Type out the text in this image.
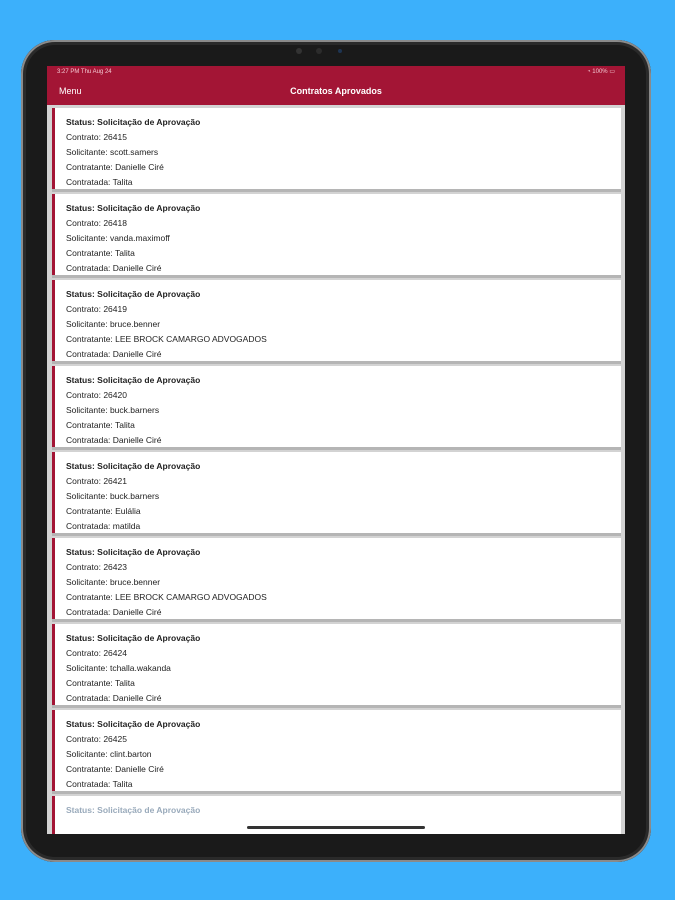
3:27 PM Thu Aug 24	◔ 100% ▭
Menu	Contratos Aprovados
Status: Solicitação de Aprovação
Contrato: 26415
Solicitante: scott.samers
Contratante: Danielle Ciré
Contratada: Talita
Status: Solicitação de Aprovação
Contrato: 26418
Solicitante: vanda.maximoff
Contratante: Talita
Contratada: Danielle Ciré
Status: Solicitação de Aprovação
Contrato: 26419
Solicitante: bruce.benner
Contratante: LEE BROCK CAMARGO ADVOGADOS
Contratada: Danielle Ciré
Status: Solicitação de Aprovação
Contrato: 26420
Solicitante: buck.barners
Contratante: Talita
Contratada: Danielle Ciré
Status: Solicitação de Aprovação
Contrato: 26421
Solicitante: buck.barners
Contratante: Eulália
Contratada: matilda
Status: Solicitação de Aprovação
Contrato: 26423
Solicitante: bruce.benner
Contratante: LEE BROCK CAMARGO ADVOGADOS
Contratada: Danielle Ciré
Status: Solicitação de Aprovação
Contrato: 26424
Solicitante: tchalla.wakanda
Contratante: Talita
Contratada: Danielle Ciré
Status: Solicitação de Aprovação
Contrato: 26425
Solicitante: clint.barton
Contratante: Danielle Ciré
Contratada: Talita
Status: Solicitação de Aprovação
